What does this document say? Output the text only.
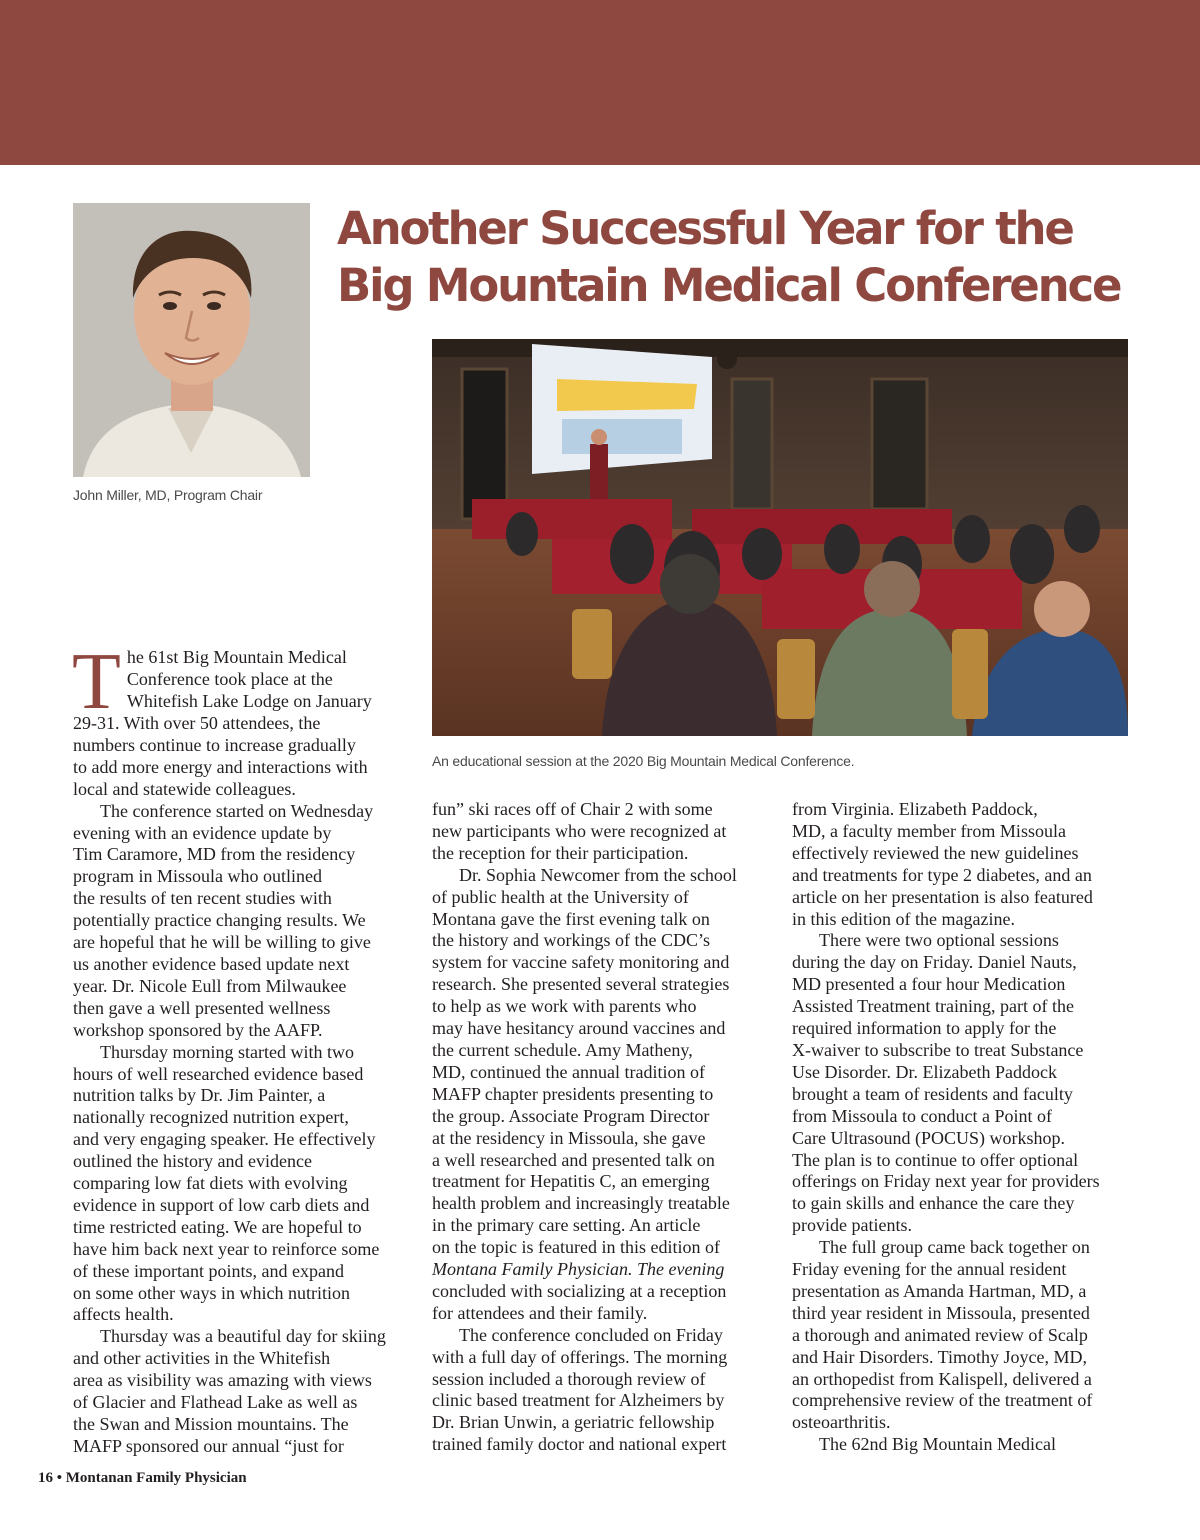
John Miller, MD, Program Chair
Another Successful Year for the Big Mountain Medical Conference
An educational session at the 2020 Big Mountain Medical Conference.
T he 61st Big Mountain Medical
Conference took place at the
Whitefish Lake Lodge on January
29-31. With over 50 attendees, the
numbers continue to increase gradually
to add more energy and interactions with
local and statewide colleagues.
The conference started on Wednesday
evening with an evidence update by
Tim Caramore, MD from the residency
program in Missoula who outlined
the results of ten recent studies with
potentially practice changing results. We
are hopeful that he will be willing to give
us another evidence based update next
year. Dr. Nicole Eull from Milwaukee
then gave a well presented wellness
workshop sponsored by the AAFP.
Thursday morning started with two
hours of well researched evidence based
nutrition talks by Dr. Jim Painter, a
nationally recognized nutrition expert,
and very engaging speaker. He effectively
outlined the history and evidence
comparing low fat diets with evolving
evidence in support of low carb diets and
time restricted eating. We are hopeful to
have him back next year to reinforce some
of these important points, and expand
on some other ways in which nutrition
affects health.
Thursday was a beautiful day for skiing
and other activities in the Whitefish
area as visibility was amazing with views
of Glacier and Flathead Lake as well as
the Swan and Mission mountains. The
MAFP sponsored our annual “just for
fun” ski races off of Chair 2 with some
new participants who were recognized at
the reception for their participation.
Dr. Sophia Newcomer from the school
of public health at the University of
Montana gave the first evening talk on
the history and workings of the CDC’s
system for vaccine safety monitoring and
research. She presented several strategies
to help as we work with parents who
may have hesitancy around vaccines and
the current schedule. Amy Matheny,
MD, continued the annual tradition of
MAFP chapter presidents presenting to
the group. Associate Program Director
at the residency in Missoula, she gave
a well researched and presented talk on
treatment for Hepatitis C, an emerging
health problem and increasingly treatable
in the primary care setting. An article
on the topic is featured in this edition of
Montana Family Physician. The evening
concluded with socializing at a reception
for attendees and their family.
The conference concluded on Friday
with a full day of offerings. The morning
session included a thorough review of
clinic based treatment for Alzheimers by
Dr. Brian Unwin, a geriatric fellowship
trained family doctor and national expert
from Virginia. Elizabeth Paddock,
MD, a faculty member from Missoula
effectively reviewed the new guidelines
and treatments for type 2 diabetes, and an
article on her presentation is also featured
in this edition of the magazine.
There were two optional sessions
during the day on Friday. Daniel Nauts,
MD presented a four hour Medication
Assisted Treatment training, part of the
required information to apply for the
X-waiver to subscribe to treat Substance
Use Disorder. Dr. Elizabeth Paddock
brought a team of residents and faculty
from Missoula to conduct a Point of
Care Ultrasound (POCUS) workshop.
The plan is to continue to offer optional
offerings on Friday next year for providers
to gain skills and enhance the care they
provide patients.
The full group came back together on
Friday evening for the annual resident
presentation as Amanda Hartman, MD, a
third year resident in Missoula, presented
a thorough and animated review of Scalp
and Hair Disorders. Timothy Joyce, MD,
an orthopedist from Kalispell, delivered a
comprehensive review of the treatment of
osteoarthritis.
The 62nd Big Mountain Medical
16 • Montanan Family Physician
